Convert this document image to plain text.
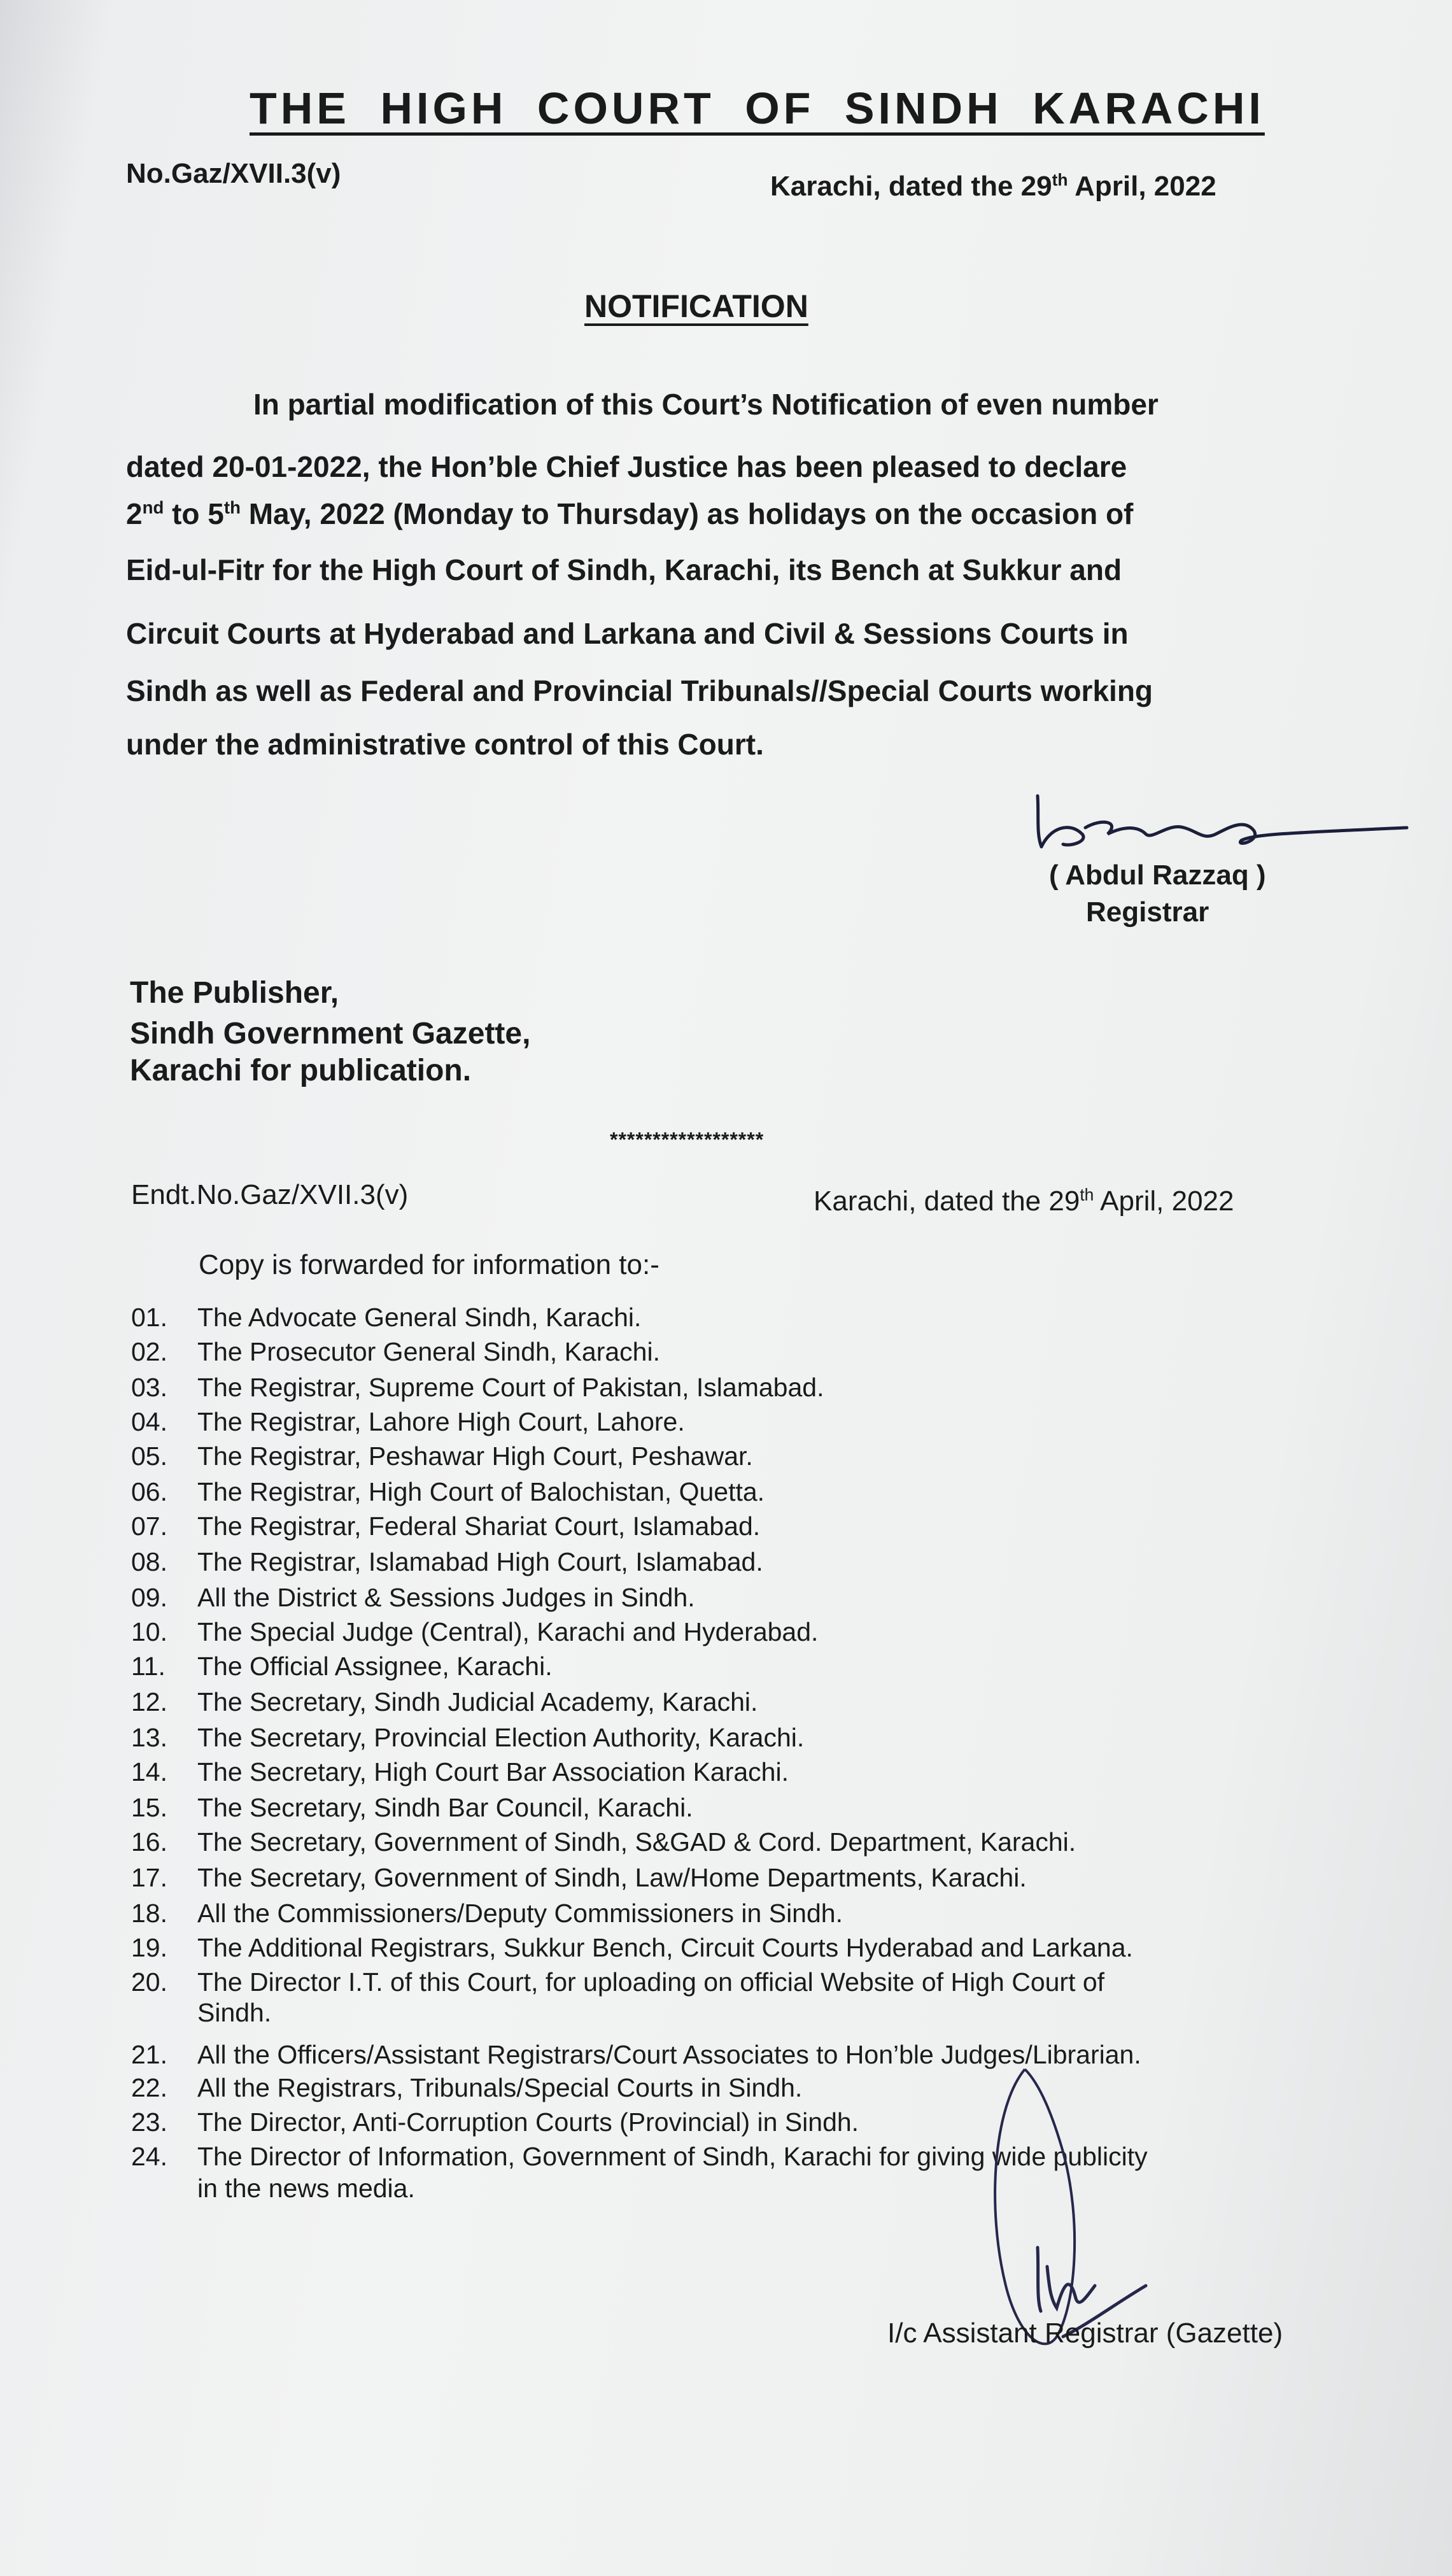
THE HIGH COURT OF SINDH KARACHI
No.Gaz/XVII.3(v)	Karachi, dated the 29th April, 2022
NOTIFICATION
In partial modification of this Court’s Notification of even number
dated 20-01-2022, the Hon’ble Chief Justice has been pleased to declare
2nd to 5th May, 2022 (Monday to Thursday) as holidays on the occasion of
Eid-ul-Fitr for the High Court of Sindh, Karachi, its Bench at Sukkur and
Circuit Courts at Hyderabad and Larkana and Civil & Sessions Courts in
Sindh as well as Federal and Provincial Tribunals//Special Courts working
under the administrative control of this Court.
( Abdul Razzaq )
Registrar
The Publisher,
Sindh Government Gazette,
Karachi for publication.
******************
Endt.No.Gaz/XVII.3(v)	Karachi, dated the 29th April, 2022
Copy is forwarded for information to:-
01. The Advocate General Sindh, Karachi.
02. The Prosecutor General Sindh, Karachi.
03. The Registrar, Supreme Court of Pakistan, Islamabad.
04. The Registrar, Lahore High Court, Lahore.
05. The Registrar, Peshawar High Court, Peshawar.
06. The Registrar, High Court of Balochistan, Quetta.
07. The Registrar, Federal Shariat Court, Islamabad.
08. The Registrar, Islamabad High Court, Islamabad.
09. All the District & Sessions Judges in Sindh.
10. The Special Judge (Central), Karachi and Hyderabad.
11. The Official Assignee, Karachi.
12. The Secretary, Sindh Judicial Academy, Karachi.
13. The Secretary, Provincial Election Authority, Karachi.
14. The Secretary, High Court Bar Association Karachi.
15. The Secretary, Sindh Bar Council, Karachi.
16. The Secretary, Government of Sindh, S&GAD & Cord. Department, Karachi.
17. The Secretary, Government of Sindh, Law/Home Departments, Karachi.
18. All the Commissioners/Deputy Commissioners in Sindh.
19. The Additional Registrars, Sukkur Bench, Circuit Courts Hyderabad and Larkana.
20. The Director I.T. of this Court, for uploading on official Website of High Court of
Sindh.
21. All the Officers/Assistant Registrars/Court Associates to Hon’ble Judges/Librarian.
22. All the Registrars, Tribunals/Special Courts in Sindh.
23. The Director, Anti-Corruption Courts (Provincial) in Sindh.
24. The Director of Information, Government of Sindh, Karachi for giving wide publicity
in the news media.
I/c Assistant Registrar (Gazette)
